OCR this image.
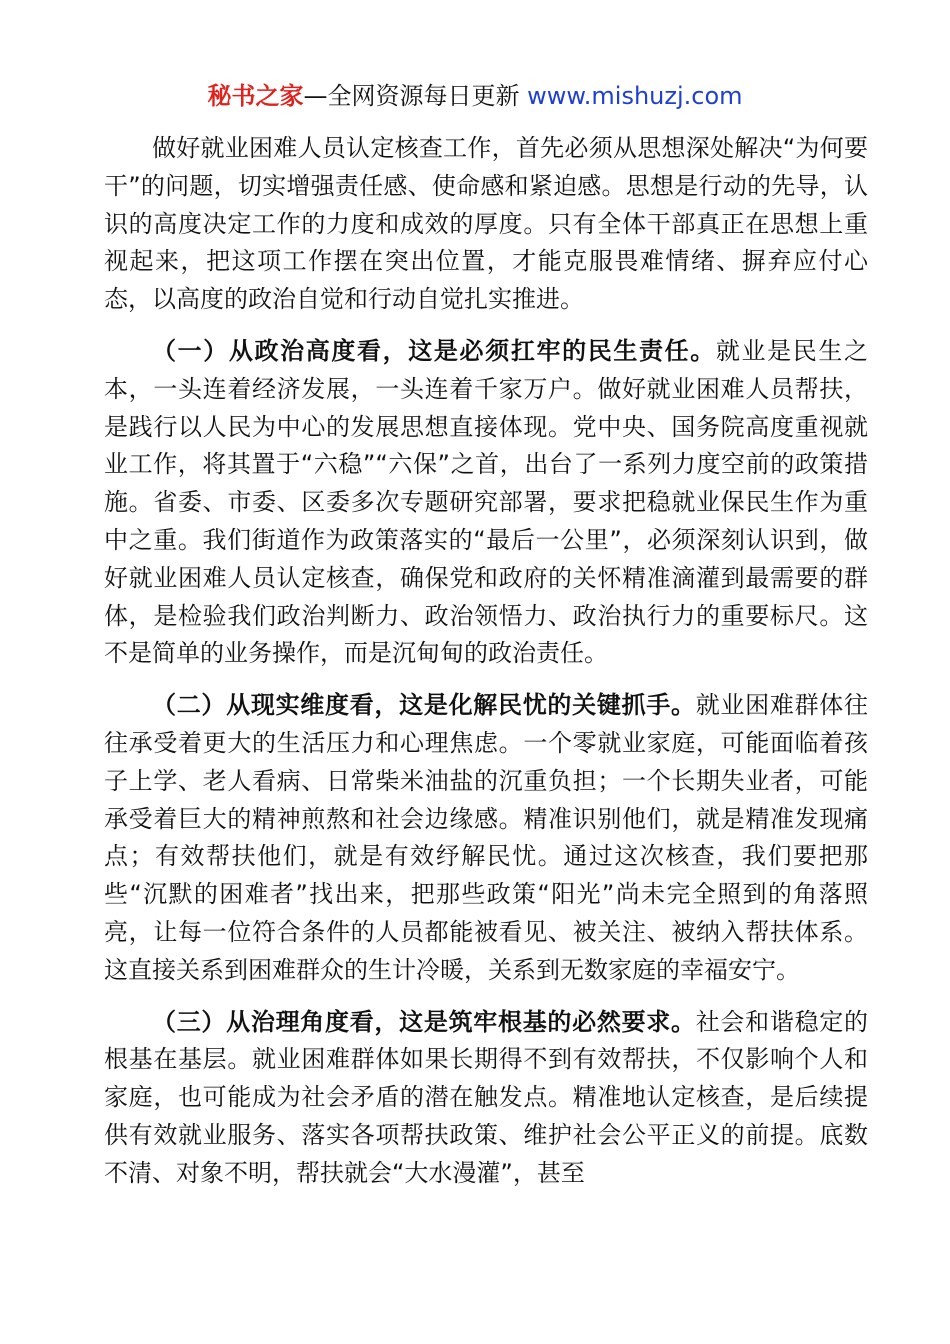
秘书之家—全网资源每日更新 www.mishuzj.com

做好就业困难人员认定核查工作，首先必须从思想深处解决“为何要干”的问题，切实增强责任感、使命感和紧迫感。思想是行动的先导，认识的高度决定工作的力度和成效的厚度。只有全体干部真正在思想上重视起来，把这项工作摆在突出位置，才能克服畏难情绪、摒弃应付心态，以高度的政治自觉和行动自觉扎实推进。

（一）从政治高度看，这是必须扛牢的民生责任。就业是民生之本，一头连着经济发展，一头连着千家万户。做好就业困难人员帮扶，是践行以人民为中心的发展思想直接体现。党中央、国务院高度重视就业工作，将其置于“六稳”“六保”之首，出台了一系列力度空前的政策措施。省委、市委、区委多次专题研究部署，要求把稳就业保民生作为重中之重。我们街道作为政策落实的“最后一公里”，必须深刻认识到，做好就业困难人员认定核查，确保党和政府的关怀精准滴灌到最需要的群体，是检验我们政治判断力、政治领悟力、政治执行力的重要标尺。这不是简单的业务操作，而是沉甸甸的政治责任。

（二）从现实维度看，这是化解民忧的关键抓手。就业困难群体往往承受着更大的生活压力和心理焦虑。一个零就业家庭，可能面临着孩子上学、老人看病、日常柴米油盐的沉重负担；一个长期失业者，可能承受着巨大的精神煎熬和社会边缘感。精准识别他们，就是精准发现痛点；有效帮扶他们，就是有效纾解民忧。通过这次核查，我们要把那些“沉默的困难者”找出来，把那些政策“阳光”尚未完全照到的角落照亮，让每一位符合条件的人员都能被看见、被关注、被纳入帮扶体系。这直接关系到困难群众的生计冷暖，关系到无数家庭的幸福安宁。

（三）从治理角度看，这是筑牢根基的必然要求。社会和谐稳定的根基在基层。就业困难群体如果长期得不到有效帮扶，不仅影响个人和家庭，也可能成为社会矛盾的潜在触发点。精准地认定核查，是后续提供有效就业服务、落实各项帮扶政策、维护社会公平正义的前提。底数不清、对象不明，帮扶就会“大水漫灌”，甚至
